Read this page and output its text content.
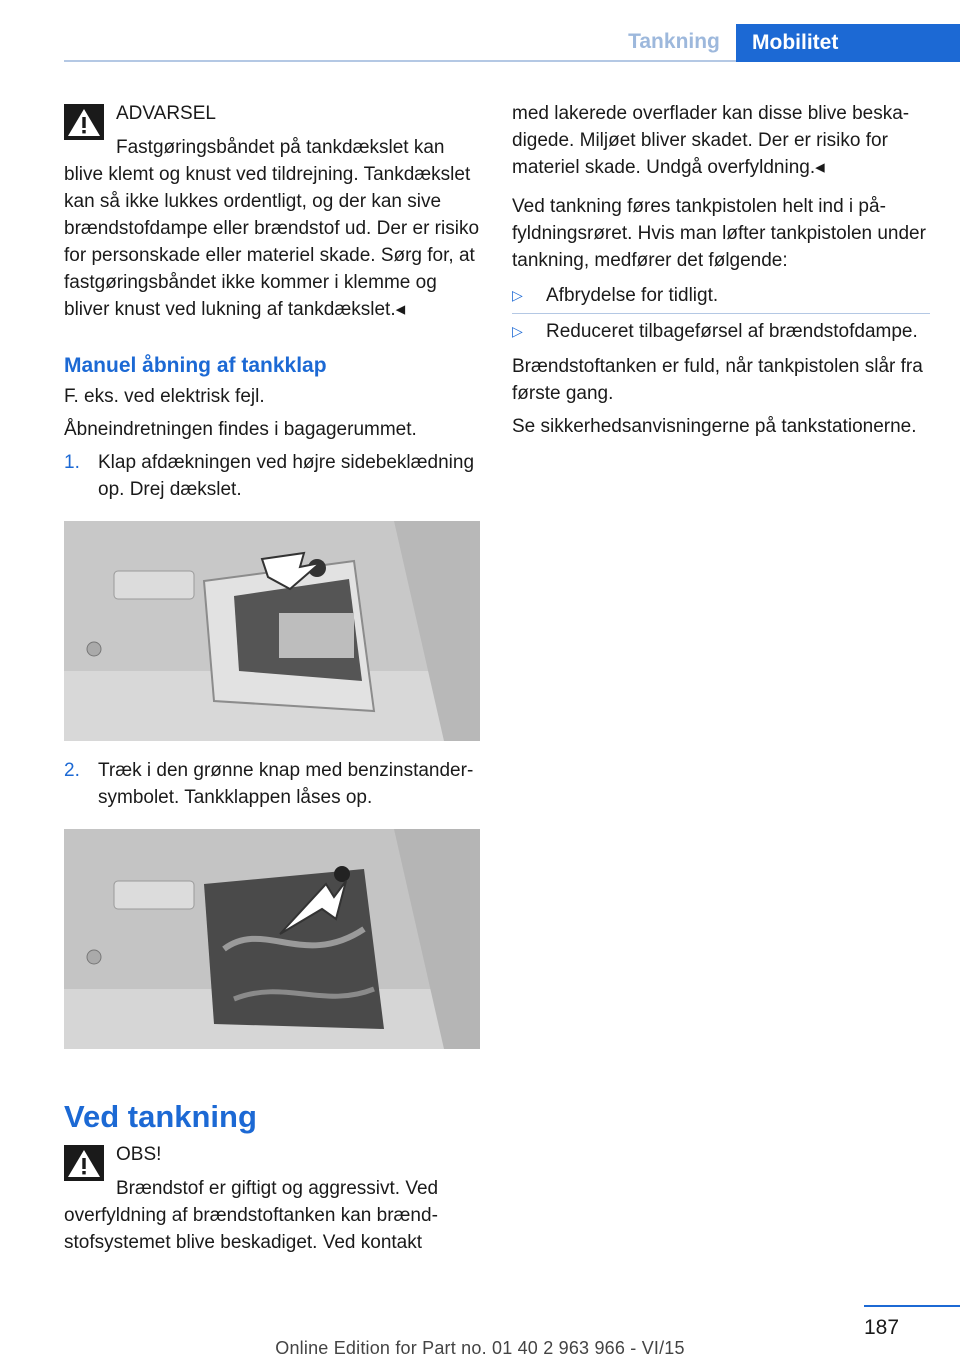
Tankning	Mobilitet

ADVARSEL

Fastgøringsbåndet på tankdækslet kan blive klemt og knust ved tildrejning. Tankdækslet kan så ikke lukkes ordentligt, og der kan sive brændstofdampe eller brændstof ud. Der er risiko for personskade eller materiel skade. Sørg for, at fastgøringsbåndet ikke kommer i klemme og bliver knust ved lukning af tankdækslet.◂

Manuel åbning af tankklap

F. eks. ved elektrisk fejl.

Åbneindretningen findes i bagagerummet.

1. Klap afdækningen ved højre sidebeklædning op. Drej dækslet.
2. Træk i den grønne knap med benzinstander-symbolet. Tankklappen låses op.
Ved tankning

OBS!

Brændstof er giftigt og aggressivt. Ved overfyldning af brændstoftanken kan brændstofsystemet blive beskadiget. Ved kontakt

med lakerede overflader kan disse blive beskadigede. Miljøet bliver skadet. Der er risiko for materiel skade. Undgå overfyldning.◂

Ved tankning føres tankpistolen helt ind i påfyldningsrøret. Hvis man løfter tankpistolen under tankning, medfører det følgende:

▷ Afbrydelse for tidligt.
▷ Reduceret tilbageførsel af brændstofdampe.

Brændstoftanken er fuld, når tankpistolen slår fra første gang.

Se sikkerhedsanvisningerne på tankstationerne.

187
Online Edition for Part no. 01 40 2 963 966 - VI/15
